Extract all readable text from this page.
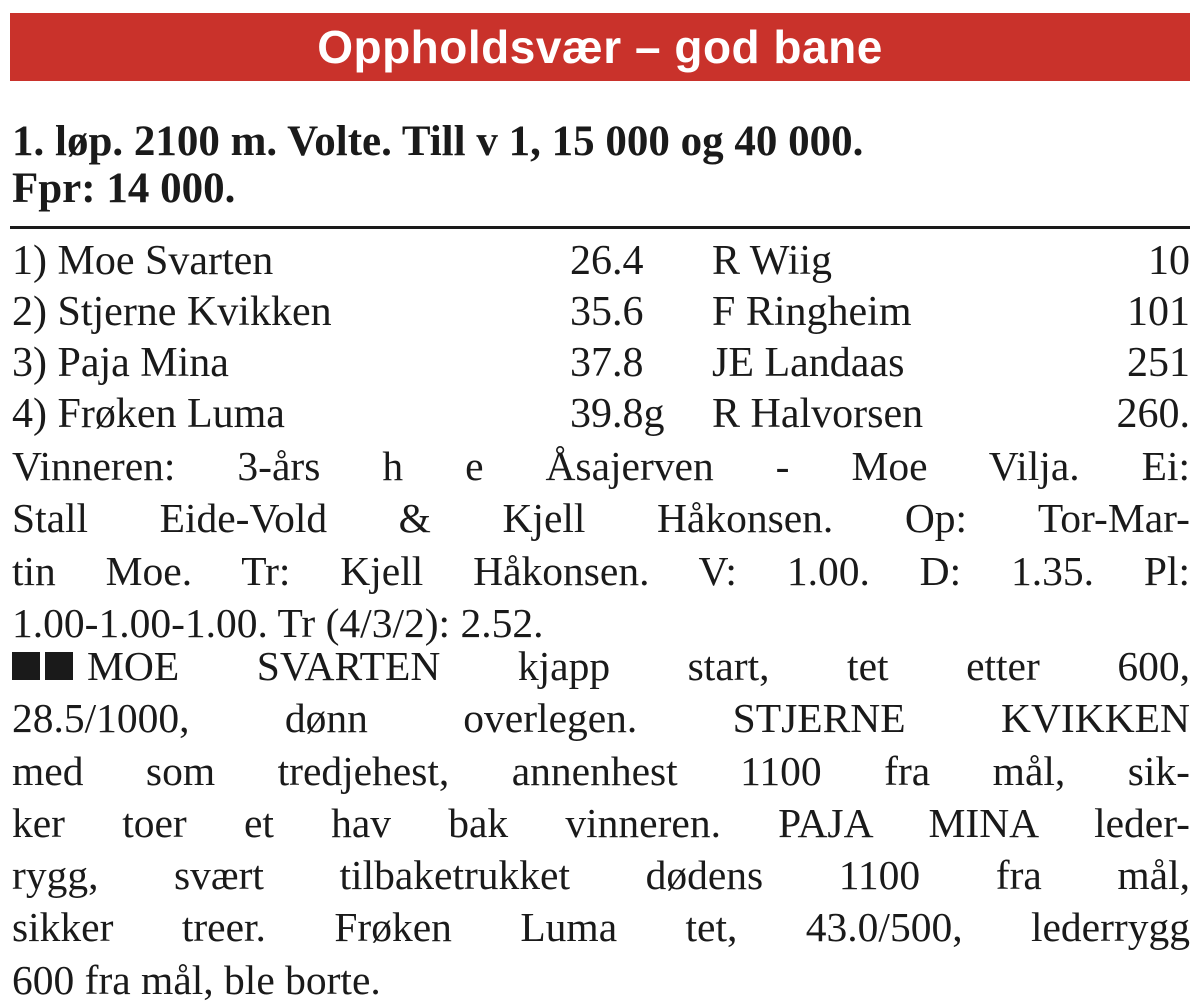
Oppholdsvær – god bane
1. løp. 2100 m. Volte. Till v 1, 15 000 og 40 000.
Fpr: 14 000.
1) Moe Svarten	26.4 R Wiig	10
2) Stjerne Kvikken	35.6 F Ringheim	101
3) Paja Mina	37.8 JE Landaas	251
4) Frøken Luma	39.8g R Halvorsen	260.
Vinneren: 3-års h e Åsajerven - Moe Vilja. Ei:
Stall Eide-Vold & Kjell Håkonsen. Op: Tor-Mar-
tin Moe. Tr: Kjell Håkonsen. V: 1.00. D: 1.35. Pl:
1.00-1.00-1.00. Tr (4/3/2): 2.52.
MOE SVARTEN kjapp start, tet etter 600,
28.5/1000, dønn overlegen. STJERNE KVIKKEN
med som tredjehest, annenhest 1100 fra mål, sik-
ker toer et hav bak vinneren. PAJA MINA leder-
rygg, svært tilbaketrukket dødens 1100 fra mål,
sikker treer. Frøken Luma tet, 43.0/500, lederrygg
600 fra mål, ble borte.
